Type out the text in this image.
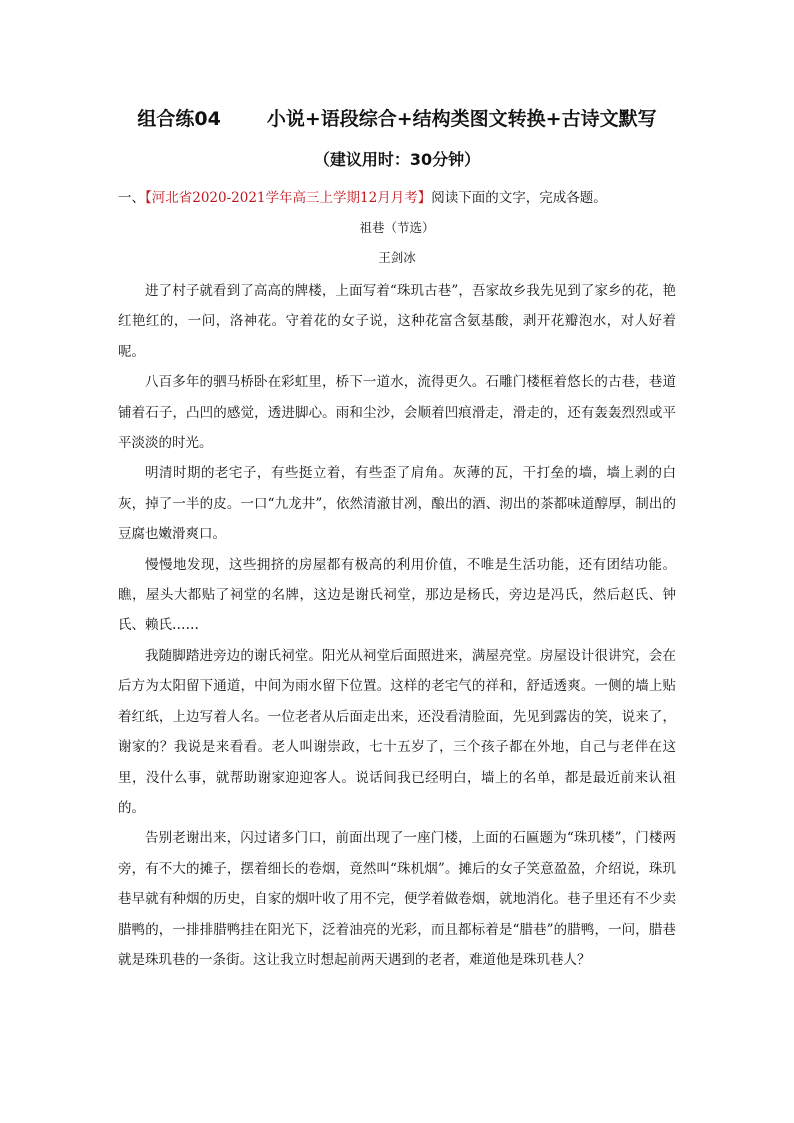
组合练04 小说+语段综合+结构类图文转换+古诗文默写
（建议用时：30分钟）
一、【河北省2020-2021学年高三上学期12月月考】阅读下面的文字，完成各题。
祖巷（节选）
王剑冰

进了村子就看到了高高的牌楼，上面写着“珠玑古巷”，吾家故乡我先见到了家乡的花，艳红艳红的，一问，洛神花。守着花的女子说，这种花富含氨基酸，剥开花瓣泡水，对人好着呢。

八百多年的驷马桥卧在彩虹里，桥下一道水，流得更久。石雕门楼框着悠长的古巷，巷道铺着石子，凸凹的感觉，透进脚心。雨和尘沙，会顺着凹痕滑走，滑走的，还有轰轰烈烈或平平淡淡的时光。

明清时期的老宅子，有些挺立着，有些歪了肩角。灰薄的瓦，干打垒的墙，墙上剥的白灰，掉了一半的皮。一口“九龙井”，依然清澈甘冽，酿出的酒、沏出的茶都味道醇厚，制出的豆腐也嫩滑爽口。

慢慢地发现，这些拥挤的房屋都有极高的利用价值，不唯是生活功能，还有团结功能。瞧，屋头大都贴了祠堂的名牌，这边是谢氏祠堂，那边是杨氏，旁边是冯氏，然后赵氏、钟氏、赖氏……

我随脚踏进旁边的谢氏祠堂。阳光从祠堂后面照进来，满屋亮堂。房屋设计很讲究，会在后方为太阳留下通道，中间为雨水留下位置。这样的老宅气的祥和，舒适透爽。一侧的墙上贴着红纸，上边写着人名。一位老者从后面走出来，还没看清脸面，先见到露齿的笑，说来了，谢家的？我说是来看看。老人叫谢崇政，七十五岁了，三个孩子都在外地，自己与老伴在这里，没什么事，就帮助谢家迎迎客人。说话间我已经明白，墙上的名单，都是最近前来认祖的。

告别老谢出来，闪过诸多门口，前面出现了一座门楼，上面的石匾题为“珠玑楼”，门楼两旁，有不大的摊子，摆着细长的卷烟，竟然叫“珠机烟”。摊后的女子笑意盈盈，介绍说，珠玑巷早就有种烟的历史，自家的烟叶收了用不完，便学着做卷烟，就地消化。巷子里还有不少卖腊鸭的，一排排腊鸭挂在阳光下，泛着油亮的光彩，而且都标着是“腊巷”的腊鸭，一问，腊巷就是珠玑巷的一条街。这让我立时想起前两天遇到的老者，难道他是珠玑巷人？
